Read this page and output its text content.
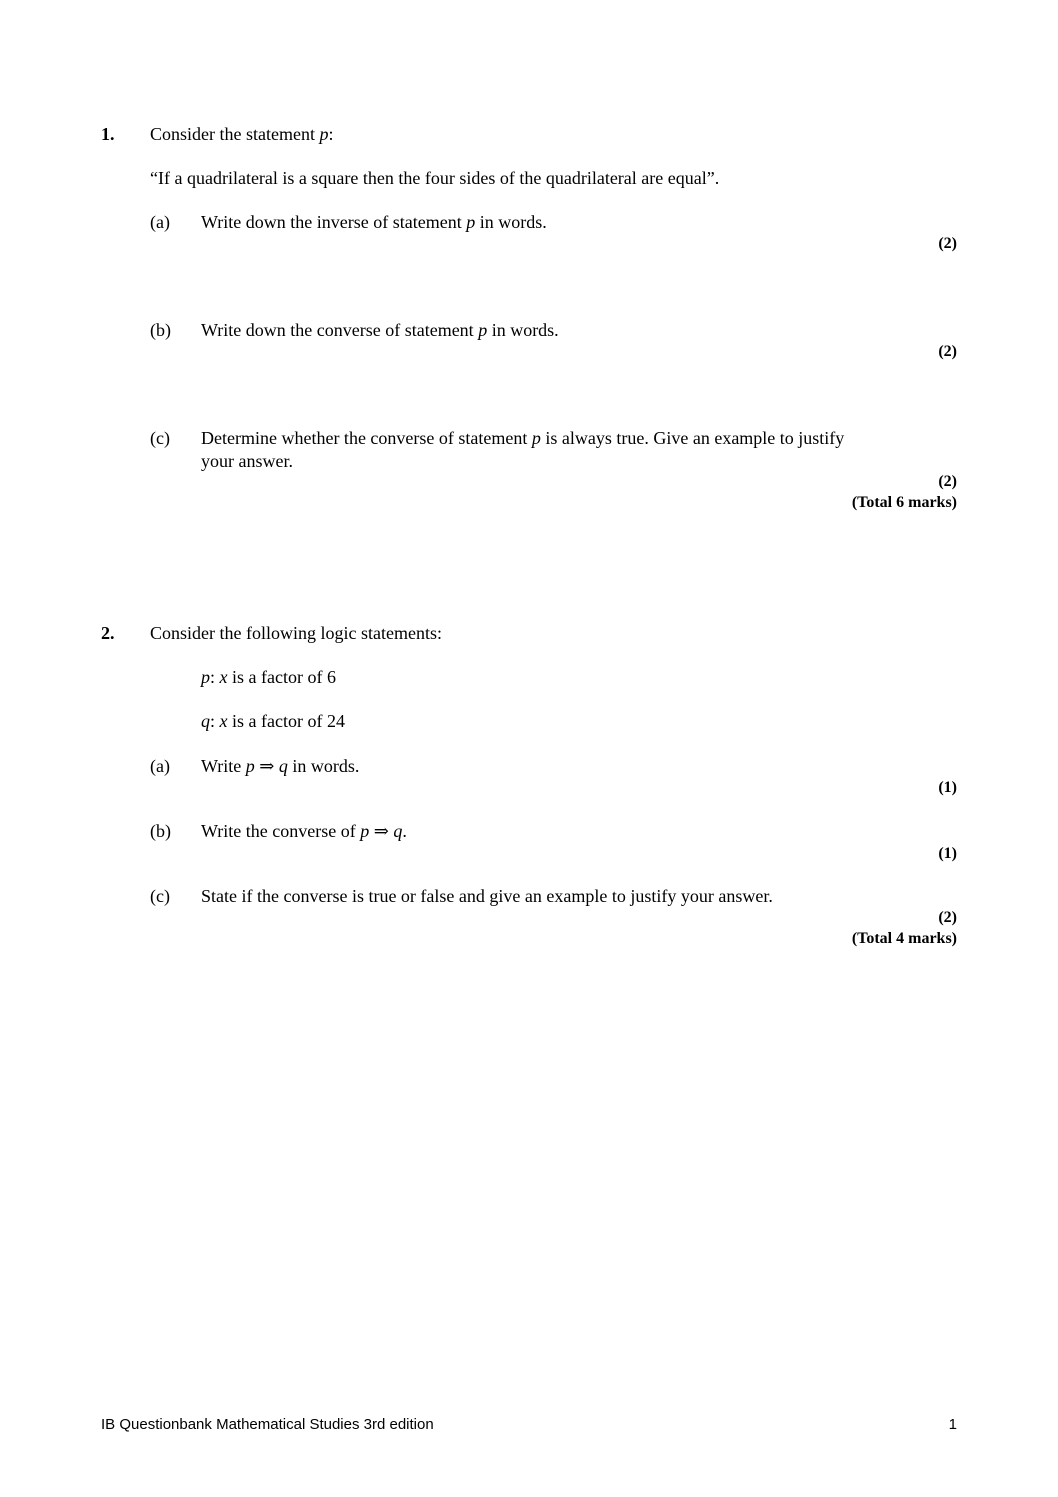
1. Consider the statement p:
“If a quadrilateral is a square then the four sides of the quadrilateral are equal”.
(a) Write down the inverse of statement p in words.
(2)
(b) Write down the converse of statement p in words.
(2)
(c) Determine whether the converse of statement p is always true. Give an example to justify
your answer.
(2)
(Total 6 marks)
2. Consider the following logic statements:
p: x is a factor of 6
q: x is a factor of 24
(a) Write p ⇒ q in words.
(1)
(b) Write the converse of p ⇒ q.
(1)
(c) State if the converse is true or false and give an example to justify your answer.
(2)
(Total 4 marks)
IB Questionbank Mathematical Studies 3rd edition	1
